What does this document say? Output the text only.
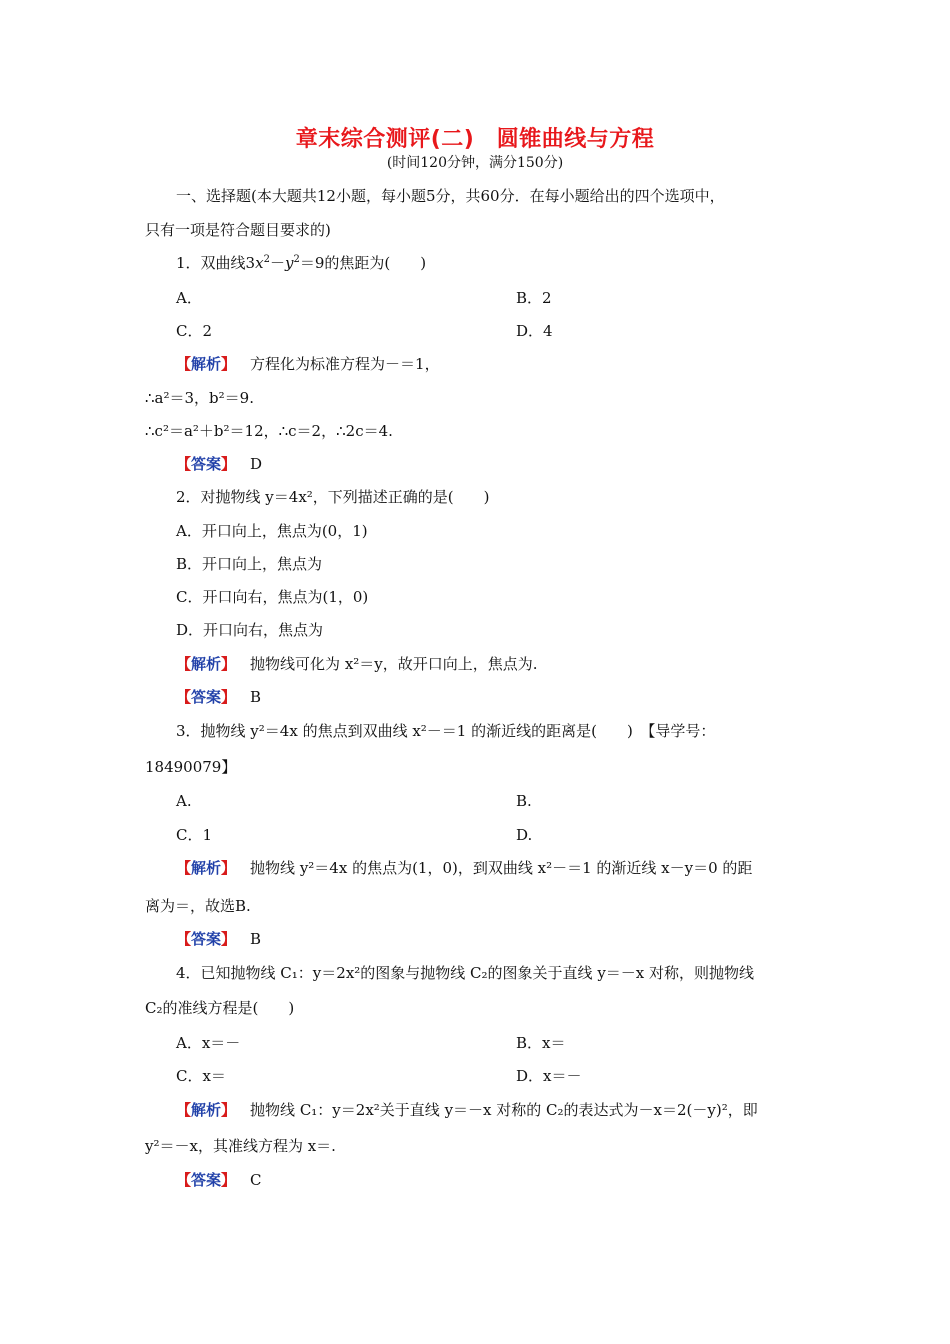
章末综合测评(二)　圆锥曲线与方程
(时间120分钟，满分150分)
一、选择题(本大题共12小题，每小题5分，共60分．在每小题给出的四个选项中，
只有一项是符合题目要求的)
1．双曲线$3x^2-y^2=9$的焦距为(　　)
A．	B．2
C．2	D．4
【解析】 方程化为标准方程为－＝1，
∴a²＝3，b²＝9.
∴c²＝a²＋b²＝12，∴c＝2，∴2c＝4.
【答案】 D
2．对抛物线 y＝4x²，下列描述正确的是(　　)
A．开口向上，焦点为(0，1)
B．开口向上，焦点为
C．开口向右，焦点为(1，0)
D．开口向右，焦点为
【解析】 抛物线可化为 x²＝y，故开口向上，焦点为.
【答案】 B
3．抛物线 y²＝4x 的焦点到双曲线 x²－＝1 的渐近线的距离是(　　)　【导学号：
18490079】
A.	B.
C．1	D.
【解析】 抛物线 y²＝4x 的焦点为(1，0)，到双曲线 x²－＝1 的渐近线 x－y＝0 的距
离为＝，故选B.
【答案】 B
4．已知抛物线 C₁：y＝2x²的图象与抛物线 C₂的图象关于直线 y＝－x 对称，则抛物线
C₂的准线方程是(　　)
A．x＝－	B．x＝
C．x＝	D．x＝－
【解析】 抛物线 C₁：y＝2x²关于直线 y＝－x 对称的 C₂的表达式为－x＝2(－y)²，即
y²＝－x，其准线方程为 x＝.
【答案】 C
